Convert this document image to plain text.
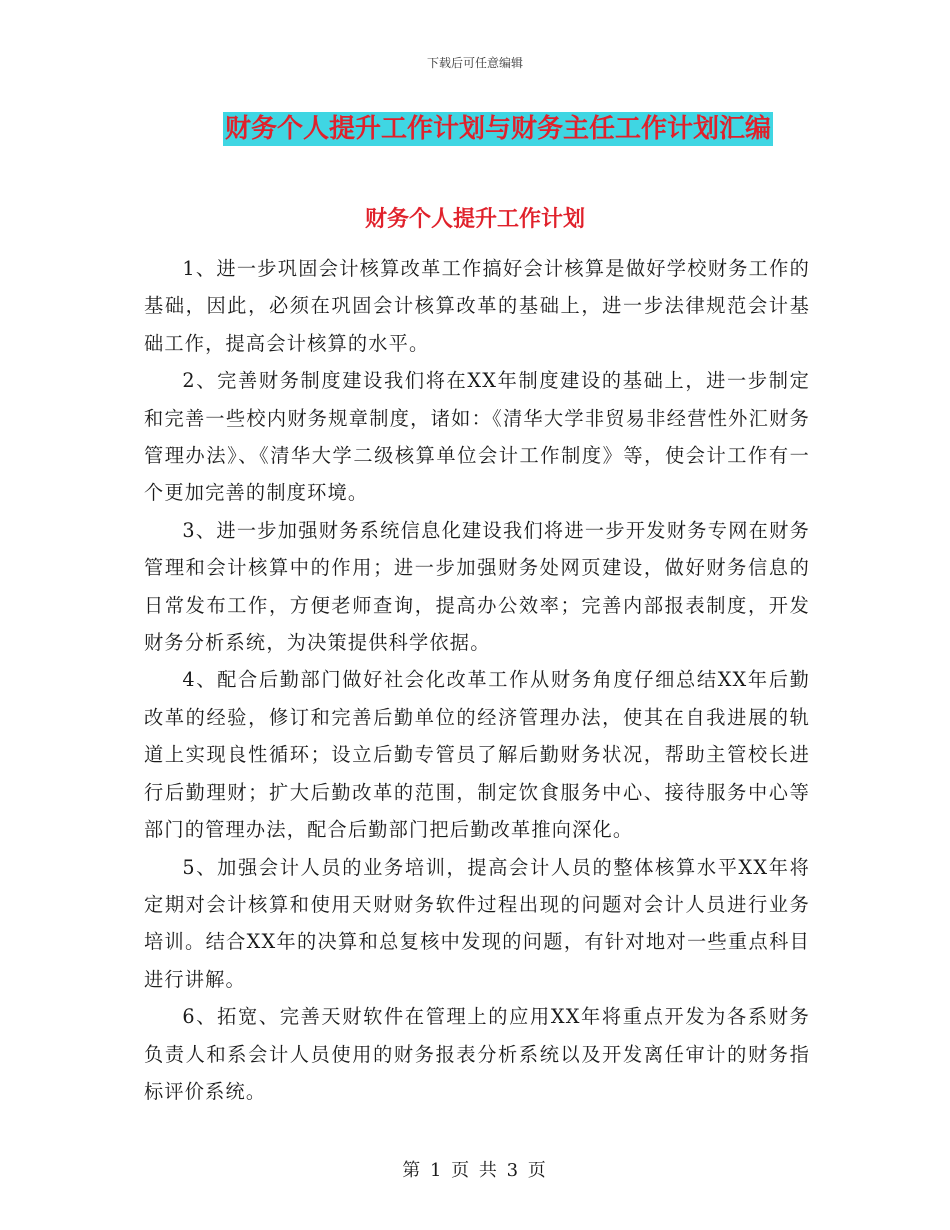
下载后可任意编辑
财务个人提升工作计划与财务主任工作计划汇编
财务个人提升工作计划

1、进一步巩固会计核算改革工作搞好会计核算是做好学校财务工作的基础，因此，必须在巩固会计核算改革的基础上，进一步法律规范会计基础工作，提高会计核算的水平。

2、完善财务制度建设我们将在XX年制度建设的基础上，进一步制定和完善一些校内财务规章制度，诸如：《清华大学非贸易非经营性外汇财务管理办法》、《清华大学二级核算单位会计工作制度》等，使会计工作有一个更加完善的制度环境。

3、进一步加强财务系统信息化建设我们将进一步开发财务专网在财务管理和会计核算中的作用；进一步加强财务处网页建设，做好财务信息的日常发布工作，方便老师查询，提高办公效率；完善内部报表制度，开发财务分析系统，为决策提供科学依据。

4、配合后勤部门做好社会化改革工作从财务角度仔细总结XX年后勤改革的经验，修订和完善后勤单位的经济管理办法，使其在自我进展的轨道上实现良性循环；设立后勤专管员了解后勤财务状况，帮助主管校长进行后勤理财；扩大后勤改革的范围，制定饮食服务中心、接待服务中心等部门的管理办法，配合后勤部门把后勤改革推向深化。

5、加强会计人员的业务培训，提高会计人员的整体核算水平XX年将定期对会计核算和使用天财财务软件过程出现的问题对会计人员进行业务培训。结合XX年的决算和总复核中发现的问题，有针对地对一些重点科目进行讲解。

6、拓宽、完善天财软件在管理上的应用XX年将重点开发为各系财务负责人和系会计人员使用的财务报表分析系统以及开发离任审计的财务指标评价系统。

第 1 页 共 3 页
